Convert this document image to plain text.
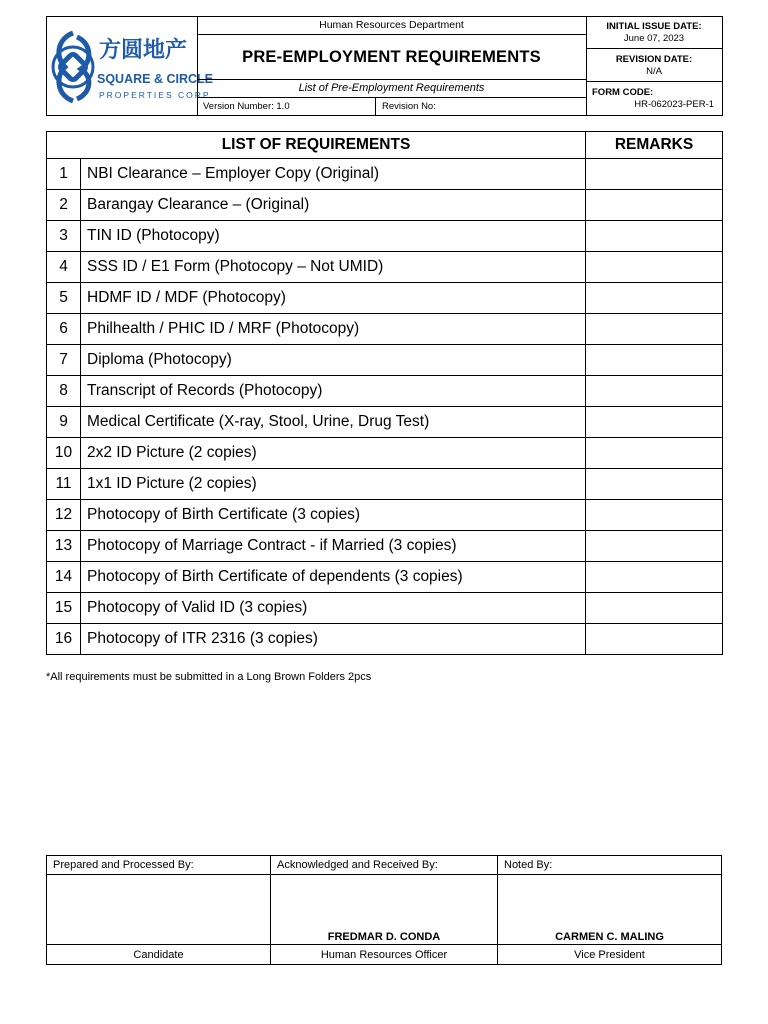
方圆地产
SQUARE & CIRCLE
PROPERTIES CORP
Human Resources Department
PRE-EMPLOYMENT REQUIREMENTS
List of Pre-Employment Requirements
Version Number: 1.0	Revision No:
INITIAL ISSUE DATE:
June 07, 2023
REVISION DATE:
N/A
FORM CODE:
HR-062023-PER-1
LIST OF REQUIREMENTS		REMARKS
1	NBI Clearance – Employer Copy (Original)	
2	Barangay Clearance – (Original)	
3	TIN ID (Photocopy)	
4	SSS ID / E1 Form (Photocopy – Not UMID)	
5	HDMF ID / MDF (Photocopy)	
6	Philhealth / PHIC ID / MRF (Photocopy)	
7	Diploma (Photocopy)	
8	Transcript of Records (Photocopy)	
9	Medical Certificate (X-ray, Stool, Urine, Drug Test)	
10	2x2 ID Picture (2 copies)	
11	1x1 ID Picture (2 copies)	
12	Photocopy of Birth Certificate (3 copies)	
13	Photocopy of Marriage Contract - if Married (3 copies)	
14	Photocopy of Birth Certificate of dependents (3 copies)	
15	Photocopy of Valid ID (3 copies)	
16	Photocopy of ITR 2316 (3 copies)	
*All requirements must be submitted in a Long Brown Folders 2pcs
Prepared and Processed By:	Acknowledged and Received By:	Noted By:
	FREDMAR D. CONDA	CARMEN C. MALING
Candidate	Human Resources Officer	Vice President
